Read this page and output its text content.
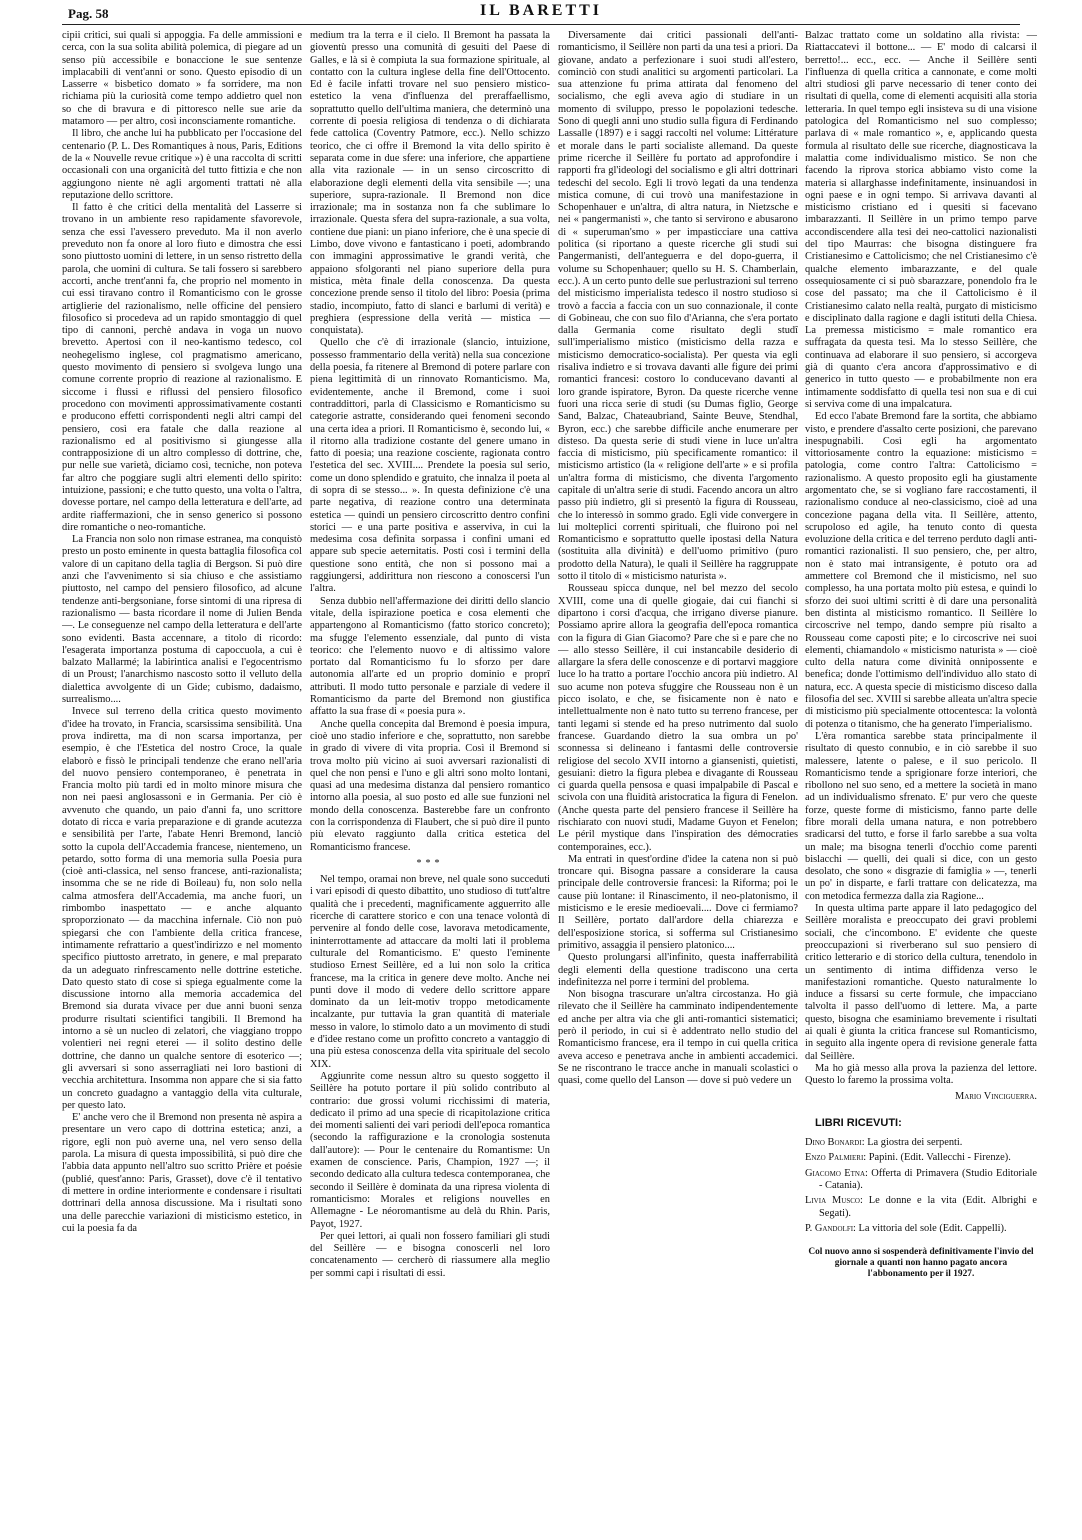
Pag. 58	IL BARETTI

cipii critici, sui quali si appoggia. Fa delle ammissioni e cerca, con la sua solita abilità polemica, di piegare ad un senso più accessibile e bonaccione le sue sentenze implacabili di vent'anni or sono. Questo episodio di un Lasserre « bisbetico domato » fa sorridere, ma non richiama più la curiosità come tempo addietro quel non so che di bravura e di pittoresco nelle sue arie da matamoro — per altro, così inconsciamente romantiche.

Il libro, che anche lui ha pubblicato per l'occasione del centenario (P. L. Des Romantiques à nous, Paris, Editions de la « Nouvelle revue critique ») è una raccolta di scritti occasionali con una organicità del tutto fittizia e che non aggiungono niente nè agli argomenti trattati nè alla reputazione dello scrittore.

Il fatto è che critici della mentalità del Lasserre si trovano in un ambiente reso rapidamente sfavorevole, senza che essi l'avessero preveduto. Ma il non averlo preveduto non fa onore al loro fiuto e dimostra che essi sono piuttosto uomini di lettere, in un senso ristretto della parola, che uomini di cultura. Se tali fossero si sarebbero accorti, anche trent'anni fa, che proprio nel momento in cui essi tiravano contro il Romanticismo con le grosse artiglierie del razionalismo, nelle officine del pensiero filosofico si procedeva ad un rapido smontaggio di quel tipo di cannoni, perchè andava in voga un nuovo brevetto. Apertosi con il neo-kantismo tedesco, col neohegelismo inglese, col pragmatismo americano, questo movimento di pensiero si svolgeva lungo una comune corrente proprio di reazione al razionalismo. E siccome i flussi e riflussi del pensiero filosofico procedono con movimenti approssimativamente costanti e producono effetti corrispondenti negli altri campi del pensiero, così era fatale che dalla reazione al razionalismo ed al positivismo si giungesse alla contrapposizione di un altro complesso di dottrine, che, pur nelle sue varietà, diciamo così, tecniche, non poteva far altro che poggiare sugli altri elementi dello spirito: intuizione, passioni; e che tutto questo, una volta o l'altra, dovesse portare, nel campo della letteratura e dell'arte, ad ardite riaffermazioni, che in senso generico si possono dire romantiche o neo-romantiche.

La Francia non solo non rimase estranea, ma conquistò presto un posto eminente in questa battaglia filosofica col valore di un capitano della taglia di Bergson. Si può dire anzi che l'avvenimento si sia chiuso e che assistiamo piuttosto, nel campo del pensiero filosofico, ad alcune tendenze anti-bergsoniane, forse sintomi di una ripresa di razionalismo — basta ricordare il nome di Julien Benda —. Le conseguenze nel campo della letteratura e dell'arte sono evidenti. Basta accennare, a titolo di ricordo: l'esagerata importanza postuma di capoccuola, a cui è balzato Mallarmé; la labirintica analisi e l'egocentrismo di un Proust; l'anarchismo nascosto sotto il velluto della dialettica avvolgente di un Gide; cubismo, dadaismo, surrealismo....

Invece sul terreno della critica questo movimento d'idee ha trovato, in Francia, scarsissima sensibilità. Una prova indiretta, ma di non scarsa importanza, per esempio, è che l'Estetica del nostro Croce, la quale elaborò e fissò le principali tendenze che erano nell'aria del nuovo pensiero contemporaneo, è penetrata in Francia molto più tardi ed in molto minore misura che non nei paesi anglosassoni e in Germania. Per ciò è avvenuto che quando, un paio d'anni fa, uno scrittore dotato di ricca e varia preparazione e di grande acutezza e sensibilità per l'arte, l'abate Henri Bremond, lanciò sotto la cupola dell'Accademia francese, nientemeno, un petardo, sotto forma di una memoria sulla Poesia pura (cioè anti-classica, nel senso francese, anti-razionalista; insomma che se ne ride di Boileau) fu, non solo nella calma atmosfera dell'Accademia, ma anche fuori, un rimbombo inaspettato — e anche alquanto sproporzionato — da macchina infernale. Ciò non può spiegarsi che con l'ambiente della critica francese, intimamente refrattario a quest'indirizzo e nel momento specifico piuttosto arretrato, in genere, e mal preparato da un adeguato rinfrescamento nelle dottrine estetiche. Dato questo stato di cose si spiega egualmente come la discussione intorno alla memoria accademica del Bremond sia durata vivace per due anni buoni senza produrre risultati scientifici tangibili. Il Bremond ha intorno a sè un nucleo di zelatori, che viaggiano troppo volentieri nei regni eterei — il solito destino delle dottrine, che danno un qualche sentore di esoterico —; gli avversari si sono asserragliati nei loro bastioni di vecchia architettura. Insomma non appare che si sia fatto un concreto guadagno a vantaggio della vita culturale, per questo lato.

E' anche vero che il Bremond non presenta nè aspira a presentare un vero capo di dottrina estetica; anzi, a rigore, egli non può averne una, nel vero senso della parola. La misura di questa impossibilità, si può dire che l'abbia data appunto nell'altro suo scritto Prière et poésie (publié, quest'anno: Paris, Grasset), dove c'è il tentativo di mettere in ordine interiormente e condensare i risultati dottrinari della annosa discussione. Ma i risultati sono una delle parecchie variazioni di misticismo estetico, in cui la poesia fa da

medium tra la terra e il cielo. Il Bremont ha passata la gioventù presso una comunità di gesuiti del Paese di Galles, e là si è compiuta la sua formazione spirituale, al contatto con la cultura inglese della fine dell'Ottocento. Ed è facile infatti trovare nel suo pensiero mistico-estetico la vena d'influenza del preraffaellismo, soprattutto quello dell'ultima maniera, che determinò una corrente di poesia religiosa di tendenza o di dichiarata fede cattolica (Coventry Patmore, ecc.). Nello schizzo teorico, che ci offre il Bremond la vita dello spirito è separata come in due sfere: una inferiore, che appartiene alla vita razionale — in un senso circoscritto di elaborazione degli elementi della vita sensibile —; una superiore, supra-razionale. Il Bremond non dice irrazionale; ma in sostanza non fa che sublimare lo irrazionale. Questa sfera del supra-razionale, a sua volta, contiene due piani: un piano inferiore, che è una specie di Limbo, dove vivono e fantasticano i poeti, adombrando con immagini approssimative le grandi verità, che appaiono sfolgoranti nel piano superiore della pura mistica, mèta finale della conoscenza. Da questa concezione prende senso il titolo del libro: Poesia (prima stadio, incompiuto, fatto di slanci e barlumi di verità) e preghiera (espressione della verità — mistica — conquistata).

Quello che c'è di irrazionale (slancio, intuizione, possesso frammentario della verità) nella sua concezione della poesia, fa ritenere al Bremond di potere parlare con piena legittimità di un rinnovato Romanticismo. Ma, evidentemente, anche il Bremond, come i suoi contraddittori, parla di Classicismo e Romanticismo su categorie astratte, considerando quei fenomeni secondo una certa idea a priori. Il Romanticismo è, secondo lui, « il ritorno alla tradizione costante del genere umano in fatto di poesia; una reazione cosciente, ragionata contro l'estetica del sec. XVIII.... Prendete la poesia sul serio, come un dono splendido e gratuito, che innalza il poeta al di sopra di se stesso... ». In questa definizione c'è una parte negativa, di reazione contro una determinata estetica — quindi un pensiero circoscritto dentro confini storici — e una parte positiva e asserviva, in cui la medesima cosa definita sorpassa i confini umani ed appare sub specie aeternitatis. Posti così i termini della questione sono entità, che non si possono mai a raggiungersi, addirittura non riescono a conoscersi l'un l'altra.

Senza dubbio nell'affermazione dei diritti dello slancio vitale, della ispirazione poetica e cosa elementi che appartengono al Romanticismo (fatto storico concreto); ma sfugge l'elemento essenziale, dal punto di vista teorico: che l'elemento nuovo e di altissimo valore portato dal Romanticismo fu lo sforzo per dare autonomia all'arte ed un proprio dominio e proprî attributi. Il modo tutto personale e parziale di vedere il Romanticismo da parte del Bremond non giustifica affatto la sua frase di « poesia pura ».

Anche quella concepita dal Bremond è poesia impura, cioè uno stadio inferiore e che, soprattutto, non sarebbe in grado di vivere di vita propria. Così il Bremond si trova molto più vicino ai suoi avversari razionalisti di quel che non pensi e l'uno e gli altri sono molto lontani, quasi ad una medesima distanza dal pensiero romantico intorno alla poesia, al suo posto ed alle sue funzioni nel mondo della conoscenza. Basterebbe fare un confronto con la corrispondenza di Flaubert, che si può dire il punto più elevato raggiunto dalla critica estetica del Romanticismo francese.

***

Nel tempo, oramai non breve, nel quale sono succeduti i vari episodi di questo dibattito, uno studioso di tutt'altre qualità che i precedenti, magnificamente agguerrito alle ricerche di carattere storico e con una tenace volontà di pervenire al fondo delle cose, lavorava metodicamente, ininterrottamente ad attaccare da molti lati il problema culturale del Romanticismo. E' questo l'eminente studioso Ernest Seillère, ed a lui non solo la critica francese, ma la critica in genere deve molto. Anche nei punti dove il modo di vedere dello scrittore appare dominato da un leit-motiv troppo metodicamente incalzante, pur tuttavia la gran quantità di materiale messo in valore, lo stimolo dato a un movimento di studi e d'idee restano come un profitto concreto a vantaggio di una più estesa conoscenza della vita spirituale del secolo XIX.

Aggiunrite come nessun altro su questo soggetto il Seillère ha potuto portare il più solido contributo al contrario: due grossi volumi ricchissimi di materia, dedicato il primo ad una specie di ricapitolazione critica dei momenti salienti dei vari periodi dell'epoca romantica (secondo la raffigurazione e la cronologia sostenuta dall'autore): — Pour le centenaire du Romantisme: Un examen de conscience. Paris, Champion, 1927 —; il secondo dedicato alla cultura tedesca contemporanea, che secondo il Seillère è dominata da una ripresa violenta di romanticismo: Morales et religions nouvelles en Allemagne - Le néoromantisme au delà du Rhin. Paris, Payot, 1927.

Per quei lettori, ai quali non fossero familiari gli studi del Seillère — e bisogna conoscerli nel loro concatenamento — cercherò di riassumere alla meglio per sommi capi i risultati di essi.

Diversamente dai critici passionali dell'anti-romanticismo, il Seillère non parti da una tesi a priori. Da giovane, andato a perfezionare i suoi studi all'estero, cominciò con studi analitici su argomenti particolari. La sua attenzione fu prima attirata dal fenomeno del socialismo, che egli aveva agio di studiare in un momento di sviluppo, presso le popolazioni tedesche. Sono di quegli anni uno studio sulla figura di Ferdinando Lassalle (1897) e i saggi raccolti nel volume: Littérature et morale dans le parti socialiste allemand. Da queste prime ricerche il Seillère fu portato ad approfondire i rapporti fra gl'ideologi del socialismo e gli altri dottrinari tedeschi del secolo. Egli li trovò legati da una tendenza mistica comune, di cui trovò una manifestazione in Schopenhauer e un'altra, di altra natura, in Nietzsche e nei « pangermanisti », che tanto si servirono e abusarono di « superuman'smo » per impasticciare una cattiva politica (si riportano a queste ricerche gli studi sui Pangermanisti, dell'anteguerra e del dopo-guerra, il volume su Schopenhauer; quello su H. S. Chamberlain, ecc.). A un certo punto delle sue perlustrazioni sul terreno del misticismo imperialista tedesco il nostro studioso si trovò a faccia a faccia con un suo connazionale, il conte di Gobineau, che con suo filo d'Arianna, che s'era portato dalla Germania come risultato degli studî sull'imperialismo mistico (misticismo della razza e misticismo democratico-socialista). Per questa via egli risaliva indietro e si trovava davanti alle figure dei primi romantici francesi: costoro lo conducevano davanti al loro grande ispiratore, Byron. Da queste ricerche venne fuori una ricca serie di studi (su Dumas figlio, George Sand, Balzac, Chateaubriand, Sainte Beuve, Stendhal, Byron, ecc.) che sarebbe difficile anche enumerare per disteso. Da questa serie di studi viene in luce un'altra faccia di misticismo, più specificamente romantico: il misticismo artistico (la « religione dell'arte » e si profila un'altra forma di misticismo, che diventa l'argomento capitale di un'altra serie di studi. Facendo ancora un altro passo più indietro, gli si presentò la figura di Rousseau, che lo interessò in sommo grado. Egli vide convergere in lui molteplici correnti spirituali, che fluirono poi nel Romanticismo e soprattutto quelle ipostasi della Natura (sostituita alla divinità) e dell'uomo primitivo (puro prodotto della Natura), le quali il Seillère ha raggruppate sotto il titolo di « misticismo naturista ».

Rousseau spicca dunque, nel bel mezzo del secolo XVIII, come una di quelle giogaie, dai cui fianchi si dipartono i corsi d'acqua, che irrigano diverse pianure. Possiamo aprire allora la geografia dell'epoca romantica con la figura di Gian Giacomo? Pare che sì e pare che no — allo stesso Seillère, il cui instancabile desiderio di allargare la sfera delle conoscenze e di portarvi maggiore luce lo ha tratto a portare l'occhio ancora più indietro. Al suo acume non poteva sfuggire che Rousseau non è un picco isolato, e che, se fisicamente non è nato e intellettualmente non è nato tutto su terreno francese, per tanti legami si stende ed ha preso nutrimento dal suolo francese. Guardando dietro la sua ombra un po' sconnessa si delineano i fantasmi delle controversie religiose del secolo XVII intorno a giansenisti, quietisti, gesuiani: dietro la figura plebea e divagante di Rousseau ci guarda quella pensosa e quasi impalpabile di Pascal e scivola con una fluidità aristocratica la figura di Fenelon. (Anche questa parte del pensiero francese il Seillère ha rischiarato con nuovi studi, Madame Guyon et Fenelon; Le péril mystique dans l'inspiration des démocraties contemporaines, ecc.).

Ma entrati in quest'ordine d'idee la catena non si può troncare qui. Bisogna passare a considerare la causa principale delle controversie francesi: la Riforma; poi le cause più lontane: il Rinascimento, il neo-platonismo, il misticismo e le eresie medioevali.... Dove ci fermiamo? Il Seillère, portato dall'ardore della chiarezza e dell'esposizione storica, si sofferma sul Cristianesimo primitivo, assaggia il pensiero platonico....

Questo prolungarsi all'infinito, questa inafferrabilità degli elementi della questione tradiscono una certa indefinitezza nel porre i termini del problema.

Non bisogna trascurare un'altra circostanza. Ho già rilevato che il Seillère ha camminato indipendentemente ed anche per altra via che gli anti-romantici sistematici; però il periodo, in cui si è addentrato nello studio del Romanticismo francese, era il tempo in cui quella critica aveva acceso e penetrava anche in ambienti accademici. Se ne riscontrano le tracce anche in manuali scolastici o quasi, come quello del Lanson — dove si può vedere un

Balzac trattato come un soldatino alla rivista: — Riattaccatevi il bottone... — E' modo di calcarsi il berretto!... ecc., ecc. — Anche il Seillère sentì l'influenza di quella critica a cannonate, e come molti altri studiosi gli parve necessario di tener conto dei risultati di quella, come di elementi acquisiti alla storia letteraria. In quel tempo egli insisteva su di una visione patologica del Romanticismo nel suo complesso; parlava di « male romantico », e, applicando questa formula al risultato delle sue ricerche, diagnosticava la malattia come individualismo mistico. Se non che facendo la riprova storica abbiamo visto come la materia si allarghasse indefinitamente, insinuandosi in ogni paese e in ogni tempo. Si arrivava davanti al misticismo cristiano ed i quesiti si facevano imbarazzanti. Il Seillère in un primo tempo parve accondiscendere alla tesi dei neo-cattolici nazionalisti del tipo Maurras: che bisogna distinguere fra Cristianesimo e Cattolicismo; che nel Cristianesimo c'è qualche elemento imbarazzante, e del quale ossequiosamente ci si può sbarazzare, ponendolo fra le cose del passato; ma che il Cattolicismo è il Cristianesimo calato nella realtà, purgato di misticismo e disciplinato dalla ragione e dagli istituti della Chiesa. La premessa misticismo = male romantico era suffragata da questa tesi. Ma lo stesso Seillère, che continuava ad elaborare il suo pensiero, si accorgeva già di quanto c'era ancora d'approssimativo e di generico in tutto questo — e probabilmente non era intimamente soddisfatto di quella tesi non sua e di cui si serviva come di una impalcatura.

Ed ecco l'abate Bremond fare la sortita, che abbiamo visto, e prendere d'assalto certe posizioni, che parevano inespugnabili. Così egli ha argomentato vittoriosamente contro la equazione: misticismo = patologia, come contro l'altra: Cattolicismo = razionalismo. A questo proposito egli ha giustamente argomentato che, se si vogliano fare raccostamenti, il razionalismo conduce al neo-classicismo, cioè ad una concezione pagana della vita. Il Seillère, attento, scrupoloso ed agile, ha tenuto conto di questa evoluzione della critica e del terreno perduto dagli anti-romantici razionalisti. Il suo pensiero, che, per altro, non è stato mai intransigente, è potuto ora ad ammettere col Bremond che il misticismo, nel suo complesso, ha una portata molto più estesa, e quindi lo sforzo dei suoi ultimi scritti è di dare una personalità ben distinta al misticismo romantico. Il Seillère lo circoscrive nel tempo, dando sempre più risalto a Rousseau come caposti pite; e lo circoscrive nei suoi elementi, chiamandolo « misticismo naturista » — cioè culto della natura come divinità onnipossente e benefica; donde l'ottimismo dell'individuo allo stato di natura, ecc. A questa specie di misticismo disceso dalla filosofia del sec. XVIII si sarebbe alleata un'altra specie di misticismo più specialmente ottocentesca: la volontà di potenza o titanismo, che ha generato l'imperialismo.

L'èra romantica sarebbe stata principalmente il risultato di questo connubio, e in ciò sarebbe il suo malessere, latente o palese, e il suo pericolo. Il Romanticismo tende a sprigionare forze interiori, che ribollono nel suo seno, ed a mettere la società in mano ad un individualismo sfrenato. E' pur vero che queste forze, queste forme di misticismo, fanno parte delle fibre morali della umana natura, e non potrebbero sradicarsi del tutto, e forse il farlo sarebbe a sua volta un male; ma bisogna tenerli d'occhio come parenti bislacchi — quelli, dei quali si dice, con un gesto desolato, che sono « disgrazie di famiglia » —, tenerli un po' in disparte, e farli trattare con delicatezza, ma con metodica fermezza dalla zia Ragione...

In questa ultima parte appare il lato pedagogico del Seillère moralista e preoccupato dei gravi problemi sociali, che c'incombono. E' evidente che queste preoccupazioni si riverberano sul suo pensiero di critico letterario e di storico della cultura, tenendolo in un sentimento di intima diffidenza verso le manifestazioni romantiche. Questo naturalmente lo induce a fissarsi su certe formule, che impacciano talvolta il passo dell'uomo di lettere. Ma, a parte questo, bisogna che esaminiamo brevemente i risultati ai quali è giunta la critica francese sul Romanticismo, in seguito alla ingente opera di revisione generale fatta dal Seillère.

Ma ho già messo alla prova la pazienza del lettore. Questo lo faremo la prossima volta.

Mario Vinciguerra.
LIBRI RICEVUTI:
Dino Bonardi: La giostra dei serpenti.
Enzo Palmieri: Papini. (Edit. Vallecchi - Firenze).
Giacomo Etna: Offerta di Primavera (Studio Editoriale - Catania).
Livia Musco: Le donne e la vita (Edit. Albrighi e Segati).
P. Gandolfi: La vittoria del sole (Edit. Cappelli).
Col nuovo anno si sospenderà definitivamente l'invio del giornale a quanti non hanno pagato ancora l'abbonamento per il 1927.
